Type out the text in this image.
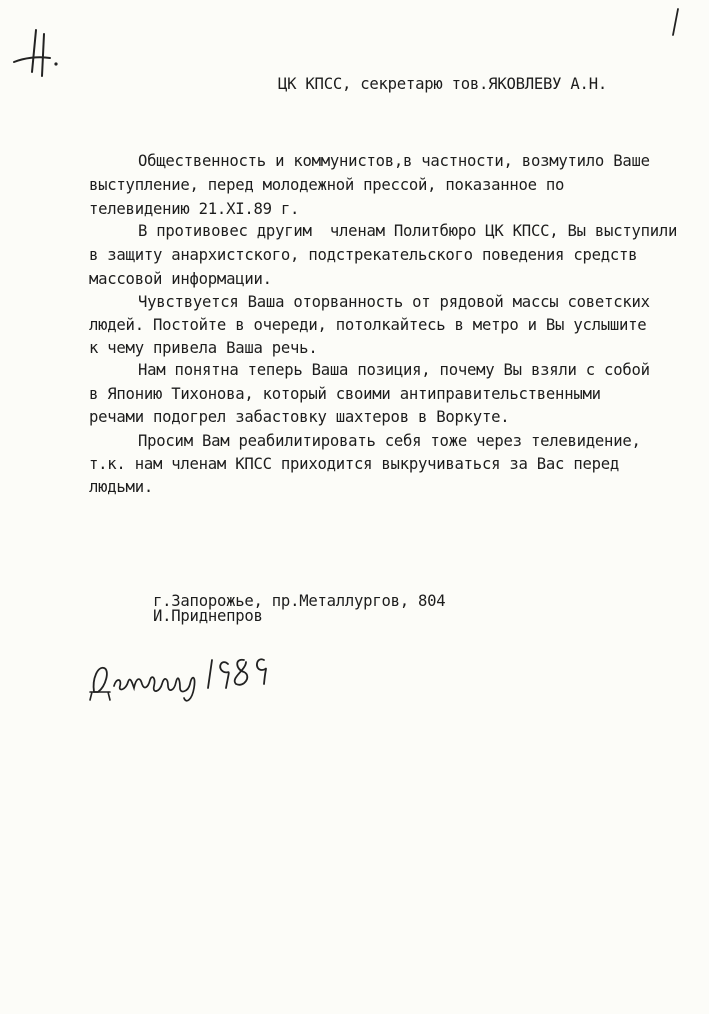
ЦК КПСС, секретарю тов.ЯКОВЛЕВУ А.Н.
Общественность и коммунистов,в частности, возмутило Ваше
выступление, перед молодежной прессой, показанное по
телевидению 21.XI.89 г.
В противовес другим  членам Политбюро ЦК КПСС, Вы выступили
в защиту анархистского, подстрекательского поведения средств
массовой информации.
Чувствуется Ваша оторванность от рядовой массы советских
людей. Постойте в очереди, потолкайтесь в метро и Вы услышите
к чему привела Ваша речь.
Нам понятна теперь Ваша позиция, почему Вы взяли с собой
в Японию Тихонова, который своими антиправительственными
речами подогрел забастовку шахтеров в Воркуте.
Просим Вам реабилитировать себя тоже через телевидение,
т.к. нам членам КПСС приходится выкручиваться за Вас перед
людьми.
г.Запорожье, пр.Металлургов, 804
И.Приднепров
